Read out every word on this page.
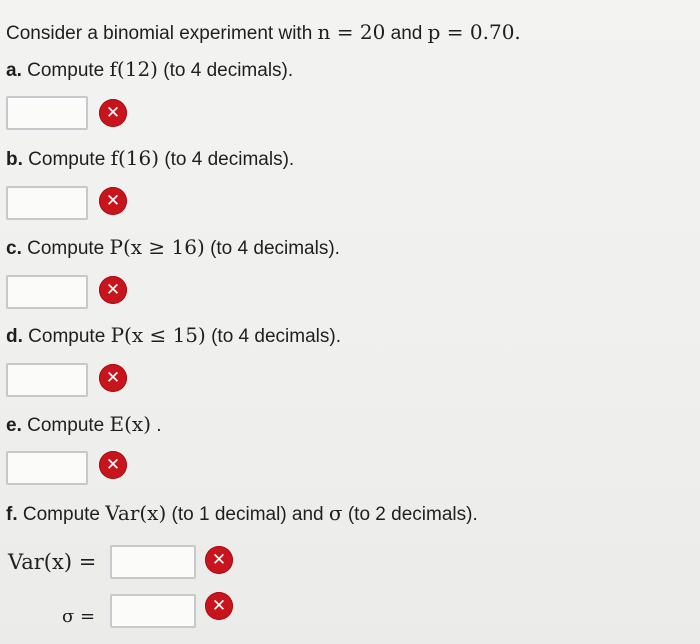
Consider a binomial experiment with n = 20 and p = 0.70.
a. Compute f(12) (to 4 decimals).
✕
b. Compute f(16) (to 4 decimals).
✕
c. Compute P(x ≥ 16) (to 4 decimals).
✕
d. Compute P(x ≤ 15) (to 4 decimals).
✕
e. Compute E(x) .
✕
f. Compute Var(x) (to 1 decimal) and σ (to 2 decimals).
Var(x) =	✕
σ =	✕
